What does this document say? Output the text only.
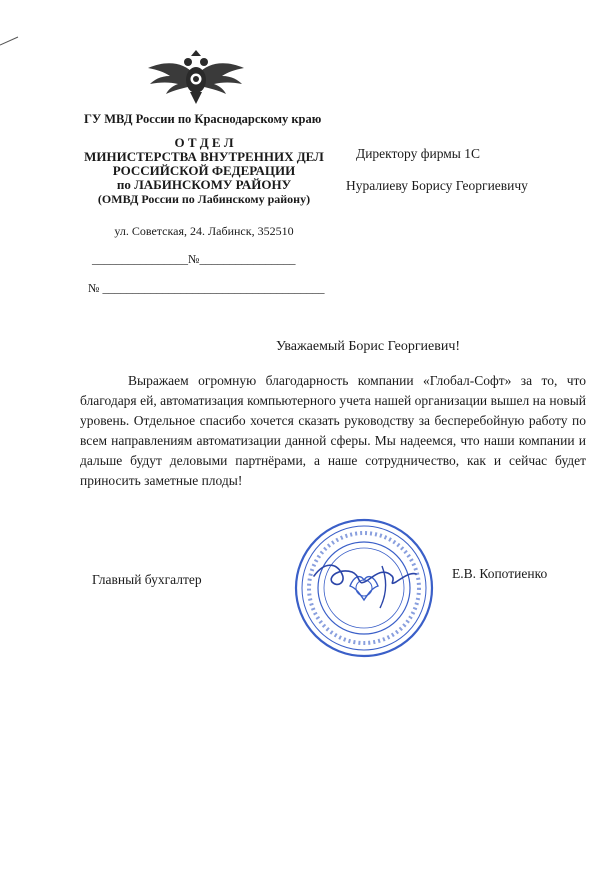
ГУ МВД России по Краснодарскому краю
О Т Д Е Л
МИНИСТЕРСТВА ВНУТРЕННИХ ДЕЛ
РОССИЙСКОЙ ФЕДЕРАЦИИ
по ЛАБИНСКОМУ РАЙОНУ
(ОМВД России по Лабинскому району)
ул. Советская, 24. Лабинск, 352510
________________№________________
№ _____________________________________
Директору фирмы 1С
Нуралиеву Борису Георгиевичу
Уважаемый Борис Георгиевич!

Выражаем огромную благодарность компании «Глобал-Софт» за то, что благодаря ей, автоматизация компьютерного учета нашей организации вышел на новый уровень. Отдельное спасибо хочется сказать руководству за бесперебойную работу по всем направлениям автоматизации данной сферы. Мы надеемся, что наши компании и дальше будут деловыми партнёрами, а наше сотрудничество, как и сейчас будет приносить заметные плоды!

Главный бухгалтер	Е.В. Копотиенко
